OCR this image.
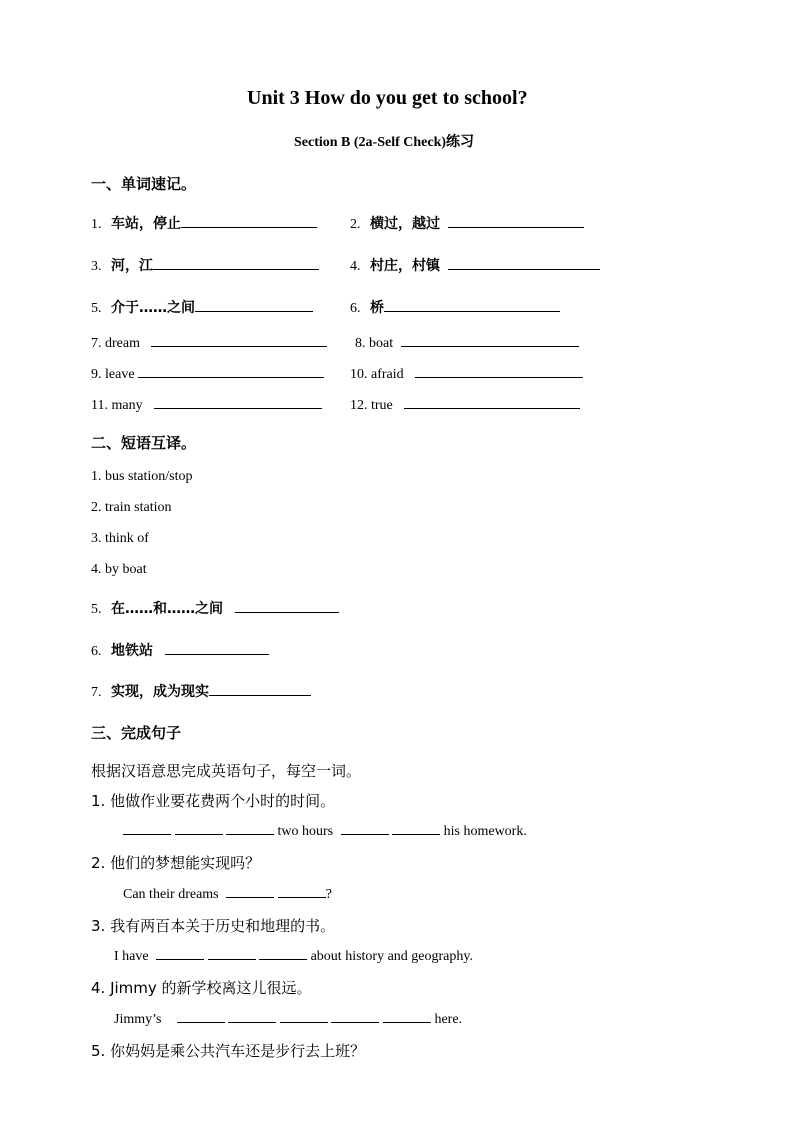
Unit 3 How do you get to school?
Section B (2a-Self Check)练习
一、单词速记。
1. 车站，停止	2. 横过，越过
3. 河，江	4. 村庄，村镇
5. 介于……之间	6. 桥
7. dream	8. boat
9. leave	10. afraid
11. many	12. true
二、短语互译。
1. bus station/stop
2. train station
3. think of
4. by boat
5. 在……和……之间
6. 地铁站
7. 实现，成为现实
三、完成句子
根据汉语意思完成英语句子，每空一词。
1. 他做作业要花费两个小时的时间。
two hours	his homework.
2. 他们的梦想能实现吗？
Can their dreams	?
3. 我有两百本关于历史和地理的书。
I have	about history and geography.
4. Jimmy 的新学校离这儿很远。
Jimmy’s	here.
5. 你妈妈是乘公共汽车还是步行去上班？
